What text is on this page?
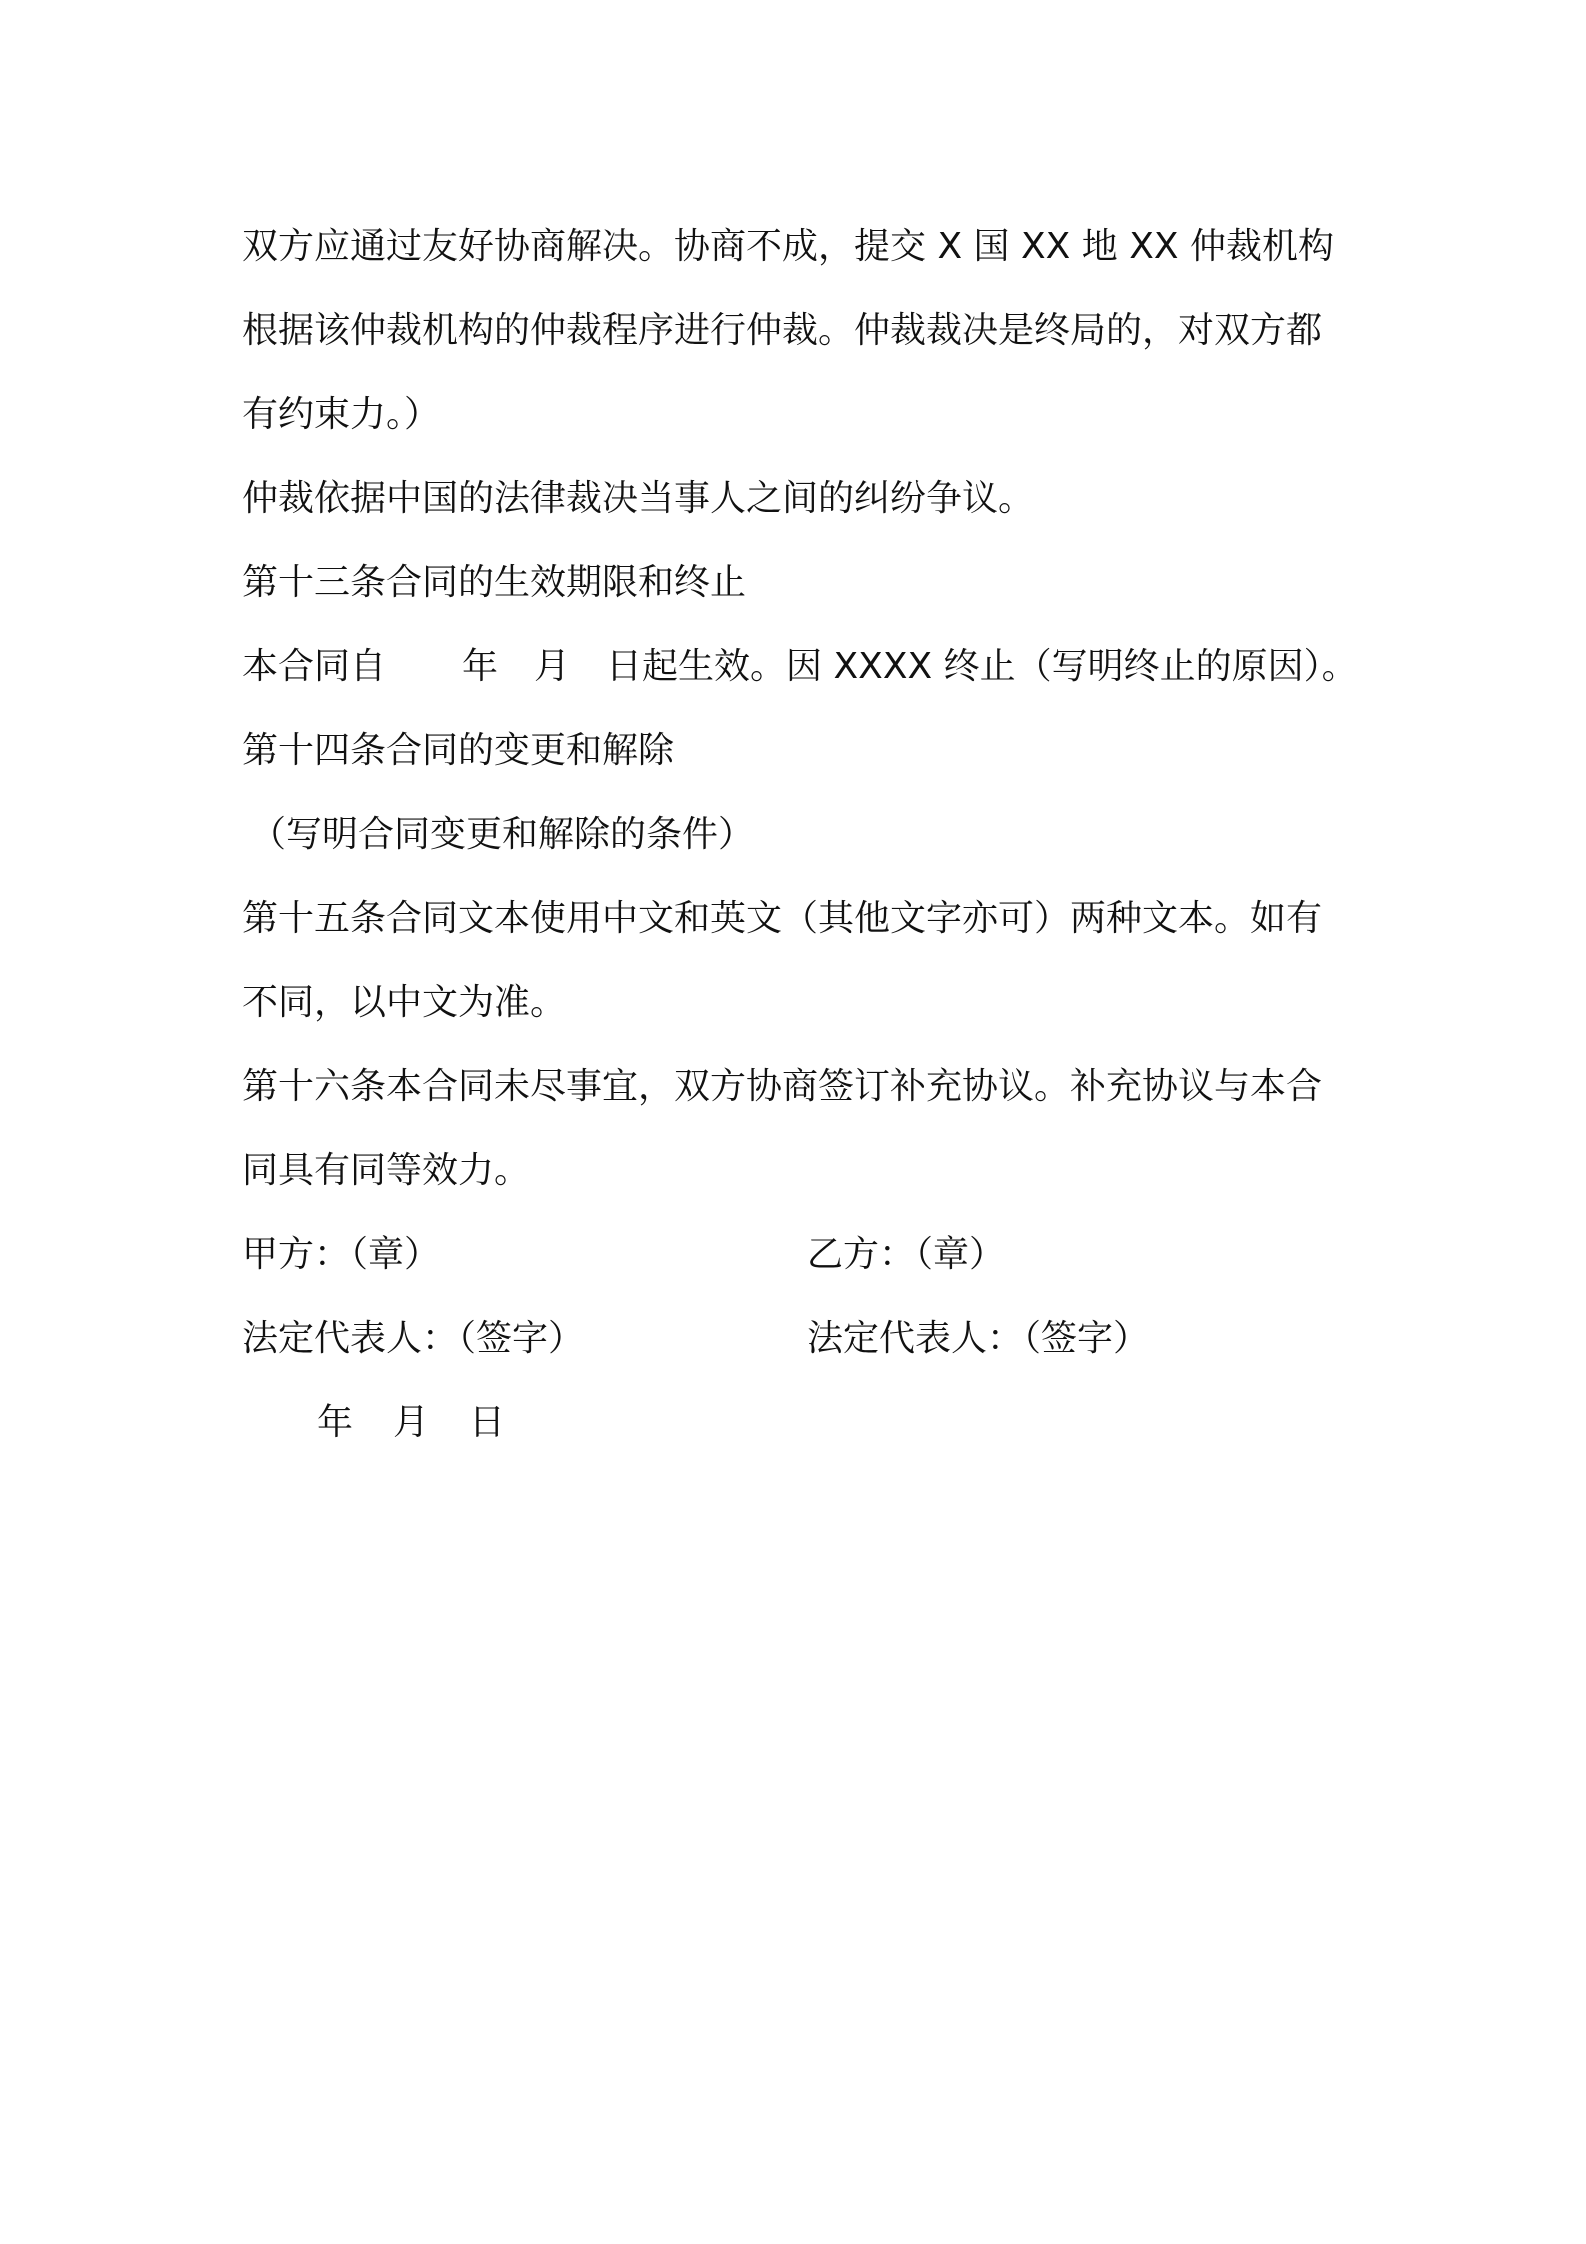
双方应通过友好协商解决。协商不成，提交 X 国 XX 地 XX 仲裁机构
根据该仲裁机构的仲裁程序进行仲裁。仲裁裁决是终局的，对双方都
有约束力。）
仲裁依据中国的法律裁决当事人之间的纠纷争议。
第十三条合同的生效期限和终止
本合同自 年 月 日起生效。因 XXXX 终止（写明终止的原因）。
第十四条合同的变更和解除
（写明合同变更和解除的条件）
第十五条合同文本使用中文和英文（其他文字亦可）两种文本。如有
不同，以中文为准。
第十六条本合同未尽事宜，双方协商签订补充协议。补充协议与本合
同具有同等效力。
甲方：（章）	乙方：（章）
法定代表人：（签字）	法定代表人：（签字）
年 月 日
